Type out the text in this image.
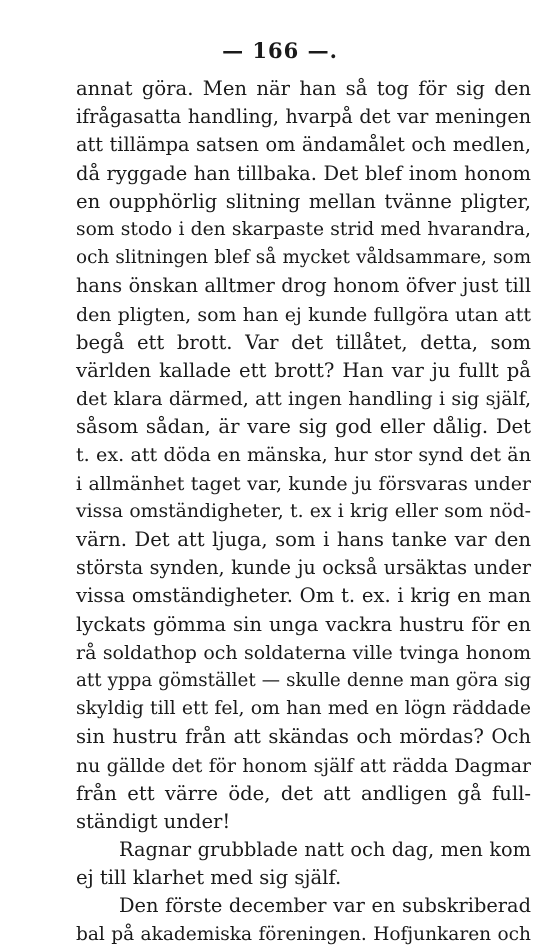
— 166 —.
annat göra. Men när han så tog för sig den
ifrågasatta handling, hvarpå det var meningen
att tillämpa satsen om ändamålet och medlen,
då ryggade han tillbaka. Det blef inom honom
en oupphörlig slitning mellan tvänne pligter,
som stodo i den skarpaste strid med hvarandra,
och slitningen blef så mycket våldsammare, som
hans önskan alltmer drog honom öfver just till
den pligten, som han ej kunde fullgöra utan att
begå ett brott. Var det tillåtet, detta, som
världen kallade ett brott? Han var ju fullt på
det klara därmed, att ingen handling i sig själf,
såsom sådan, är vare sig god eller dålig. Det
t. ex. att döda en mänska, hur stor synd det än
i allmänhet taget var, kunde ju försvaras under
vissa omständigheter, t. ex i krig eller som nöd-
värn. Det att ljuga, som i hans tanke var den
största synden, kunde ju också ursäktas under
vissa omständigheter. Om t. ex. i krig en man
lyckats gömma sin unga vackra hustru för en
rå soldathop och soldaterna ville tvinga honom
att yppa gömstället — skulle denne man göra sig
skyldig till ett fel, om han med en lögn räddade
sin hustru från att skändas och mördas? Och
nu gällde det för honom själf att rädda Dagmar
från ett värre öde, det att andligen gå full-
ständigt under!
Ragnar grubblade natt och dag, men kom
ej till klarhet med sig själf.
Den förste december var en subskriberad
bal på akademiska föreningen. Hofjunkaren och
